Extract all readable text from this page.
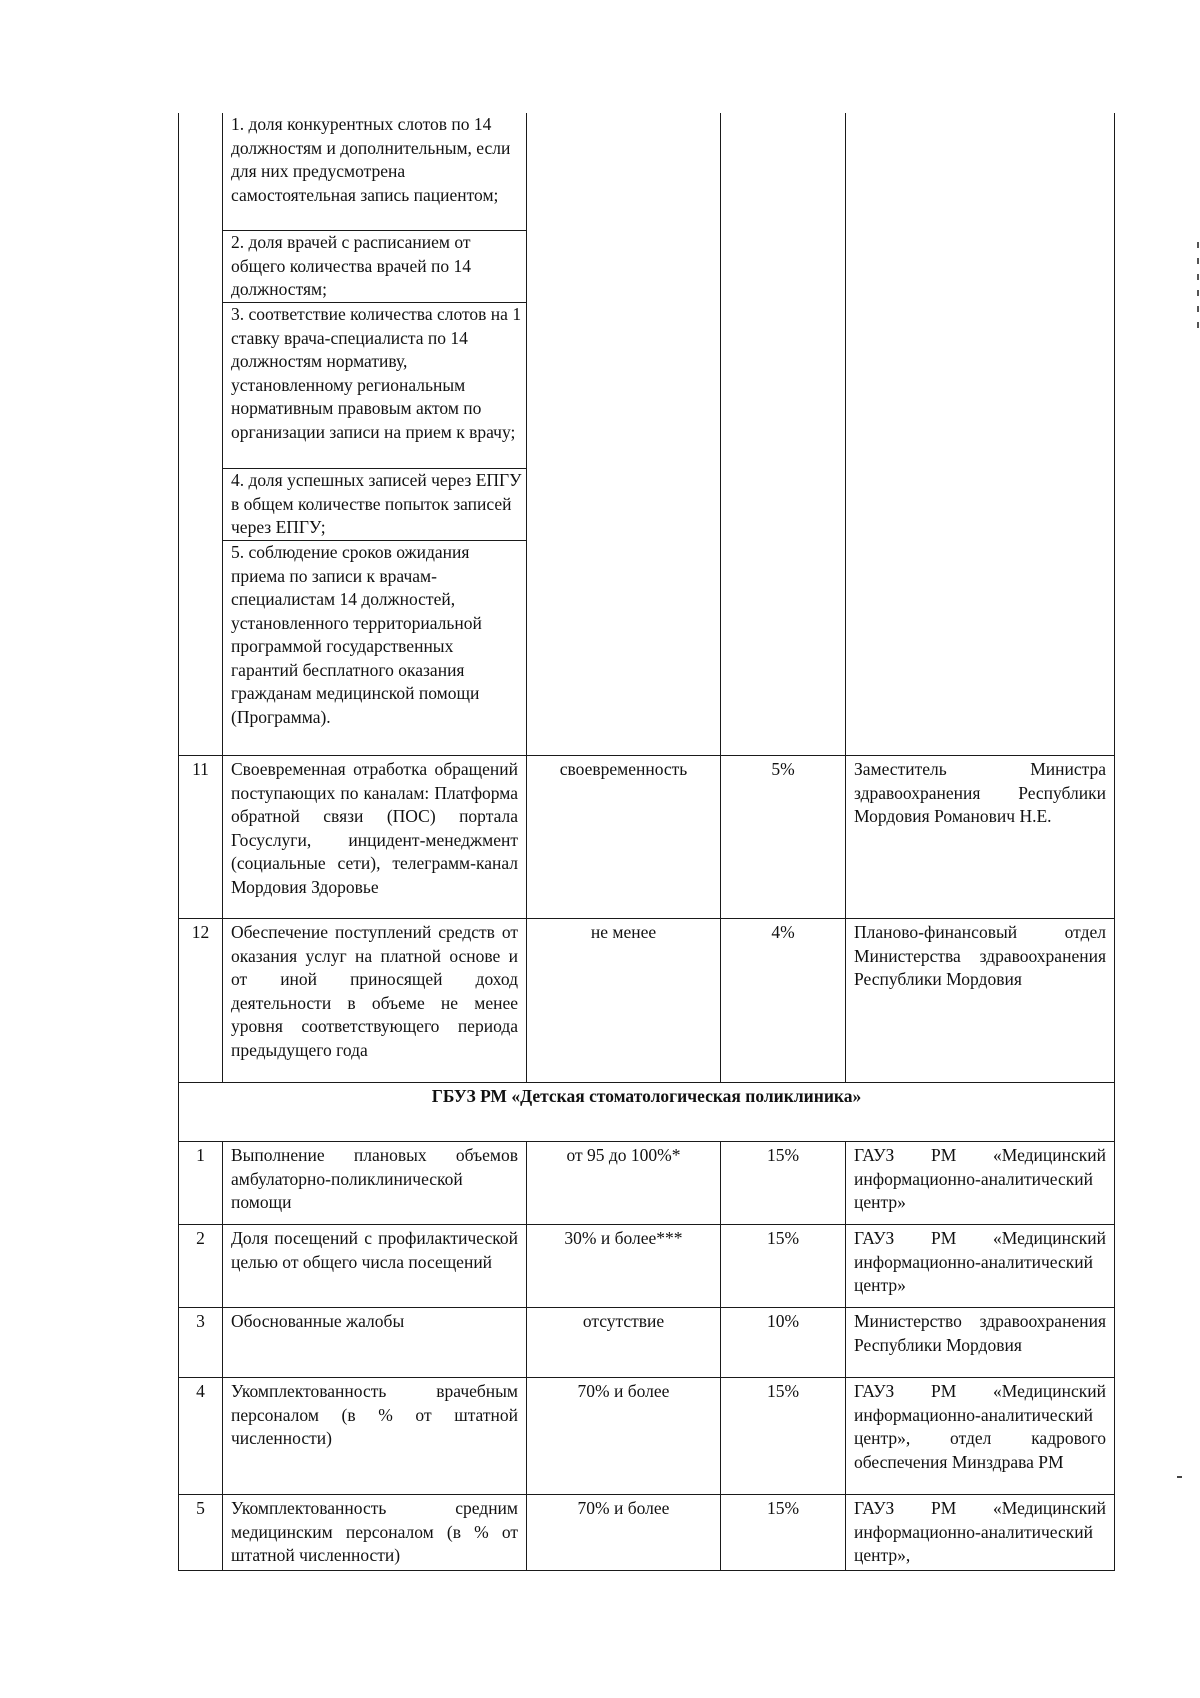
	1. доля конкурентных слотов по 14 должностям и дополнительным, если для них предусмотрена самостоятельная запись пациентом;
2. доля врачей с расписанием от общего количества врачей по 14 должностям;
3. соответствие количества слотов на 1 ставку врача-специалиста по 14 должностям нормативу, установленному региональным нормативным правовым актом по организации записи на прием к врачу;
4. доля успешных записей через ЕПГУ в общем количестве попыток записей через ЕПГУ;
5. соблюдение сроков ожидания приема по записи к врачам-специалистам 14 должностей, установленного территориальной программой государственных гарантий бесплатного оказания гражданам медицинской помощи (Программа).			

11	Своевременная отработка обращений поступающих по каналам: Платформа обратной связи (ПОС) портала Госуслуги, инцидент-менеджмент (социальные сети), телеграмм-канал Мордовия Здоровье	своевременность	5%	Заместитель Министра здравоохранения Республики Мордовия Романович Н.Е.
12	Обеспечение поступлений средств от оказания услуг на платной основе и от иной приносящей доход деятельности в объеме не менее уровня соответствующего периода предыдущего года	не менее	4%	Планово-финансовый отдел Министерства здравоохранения Республики Мордовия
ГБУЗ РМ «Детская стоматологическая поликлиника»				
1	Выполнение плановых объемов амбулаторно-поликлинической помощи	от 95 до 100%*	15%	ГАУЗ РМ «Медицинский информационно-аналитический центр»
2	Доля посещений с профилактической целью от общего числа посещений	30% и более***	15%	ГАУЗ РМ «Медицинский информационно-аналитический центр»
3	Обоснованные жалобы	отсутствие	10%	Министерство здравоохранения Республики Мордовия
4	Укомплектованность врачебным персоналом (в % от штатной численности)	70% и более	15%	ГАУЗ РМ «Медицинский информационно-аналитический центр», отдел кадрового обеспечения Минздрава РМ
5	Укомплектованность средним медицинским персоналом (в % от штатной численности)	70% и более	15%	ГАУЗ РМ «Медицинский информационно-аналитический центр»,
